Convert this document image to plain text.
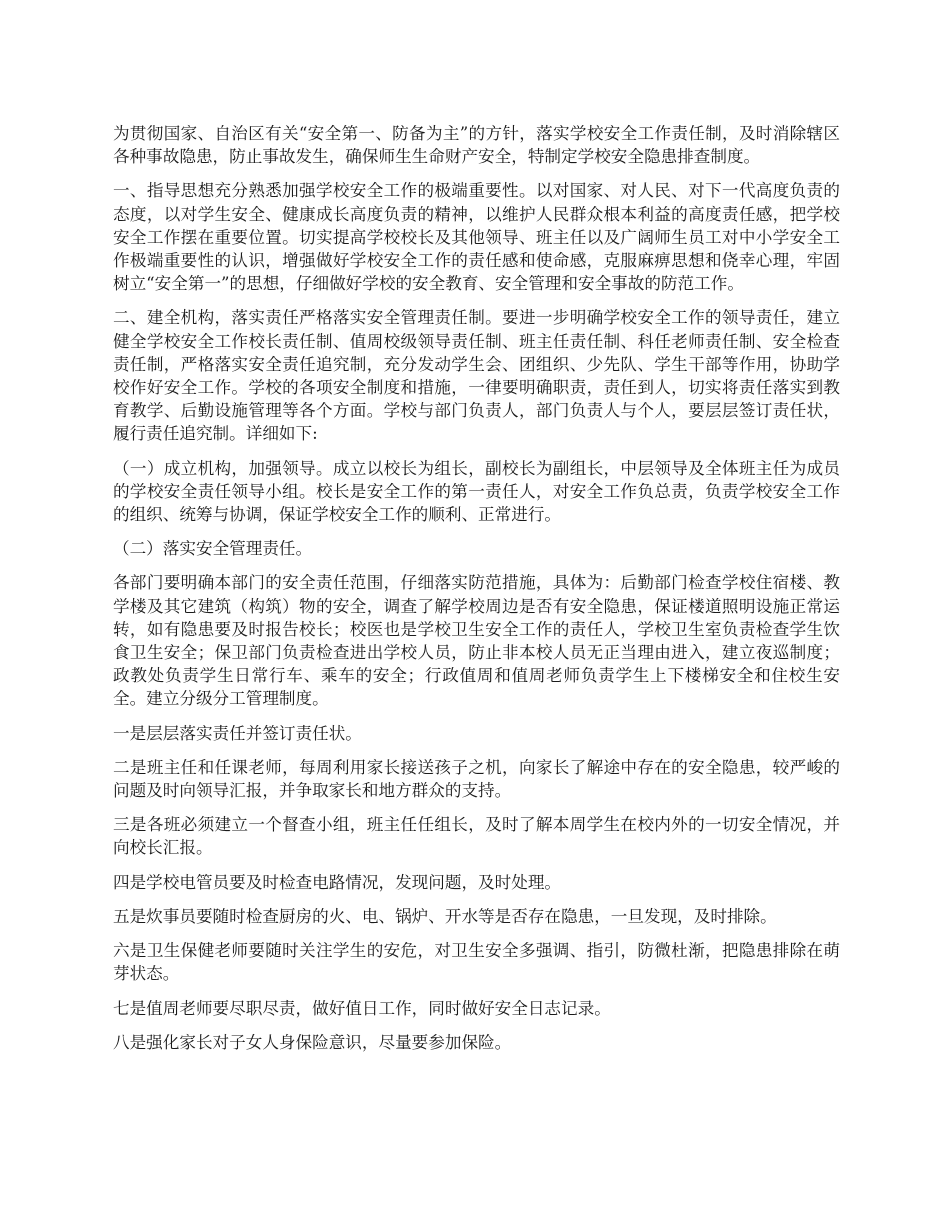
为贯彻国家、自治区有关“安全第一、防备为主”的方针，落实学校安全工作责任制，及时消除辖区各种事故隐患，防止事故发生，确保师生生命财产安全，特制定学校安全隐患排查制度。

一、指导思想充分熟悉加强学校安全工作的极端重要性。以对国家、对人民、对下一代高度负责的态度，以对学生安全、健康成长高度负责的精神，以维护人民群众根本利益的高度责任感，把学校安全工作摆在重要位置。切实提高学校校长及其他领导、班主任以及广阔师生员工对中小学安全工作极端重要性的认识，增强做好学校安全工作的责任感和使命感，克服麻痹思想和侥幸心理，牢固树立“安全第一”的思想，仔细做好学校的安全教育、安全管理和安全事故的防范工作。

二、建全机构，落实责任严格落实安全管理责任制。要进一步明确学校安全工作的领导责任，建立健全学校安全工作校长责任制、值周校级领导责任制、班主任责任制、科任老师责任制、安全检查责任制，严格落实安全责任追究制，充分发动学生会、团组织、少先队、学生干部等作用，协助学校作好安全工作。学校的各项安全制度和措施，一律要明确职责，责任到人，切实将责任落实到教育教学、后勤设施管理等各个方面。学校与部门负责人，部门负责人与个人，要层层签订责任状，履行责任追究制。详细如下:

（一）成立机构，加强领导。成立以校长为组长，副校长为副组长，中层领导及全体班主任为成员的学校安全责任领导小组。校长是安全工作的第一责任人，对安全工作负总责，负责学校安全工作的组织、统筹与协调，保证学校安全工作的顺利、正常进行。

（二）落实安全管理责任。

各部门要明确本部门的安全责任范围，仔细落实防范措施，具体为：后勤部门检查学校住宿楼、教学楼及其它建筑（构筑）物的安全，调查了解学校周边是否有安全隐患，保证楼道照明设施正常运转，如有隐患要及时报告校长；校医也是学校卫生安全工作的责任人，学校卫生室负责检查学生饮食卫生安全；保卫部门负责检查进出学校人员，防止非本校人员无正当理由进入，建立夜巡制度；政教处负责学生日常行车、乘车的安全；行政值周和值周老师负责学生上下楼梯安全和住校生安全。建立分级分工管理制度。

一是层层落实责任并签订责任状。

二是班主任和任课老师，每周利用家长接送孩子之机，向家长了解途中存在的安全隐患，较严峻的问题及时向领导汇报，并争取家长和地方群众的支持。

三是各班必须建立一个督查小组，班主任任组长，及时了解本周学生在校内外的一切安全情况，并向校长汇报。

四是学校电管员要及时检查电路情况，发现问题，及时处理。

五是炊事员要随时检查厨房的火、电、锅炉、开水等是否存在隐患，一旦发现，及时排除。

六是卫生保健老师要随时关注学生的安危，对卫生安全多强调、指引，防微杜渐，把隐患排除在萌芽状态。

七是值周老师要尽职尽责，做好值日工作，同时做好安全日志记录。

八是强化家长对子女人身保险意识，尽量要参加保险。
